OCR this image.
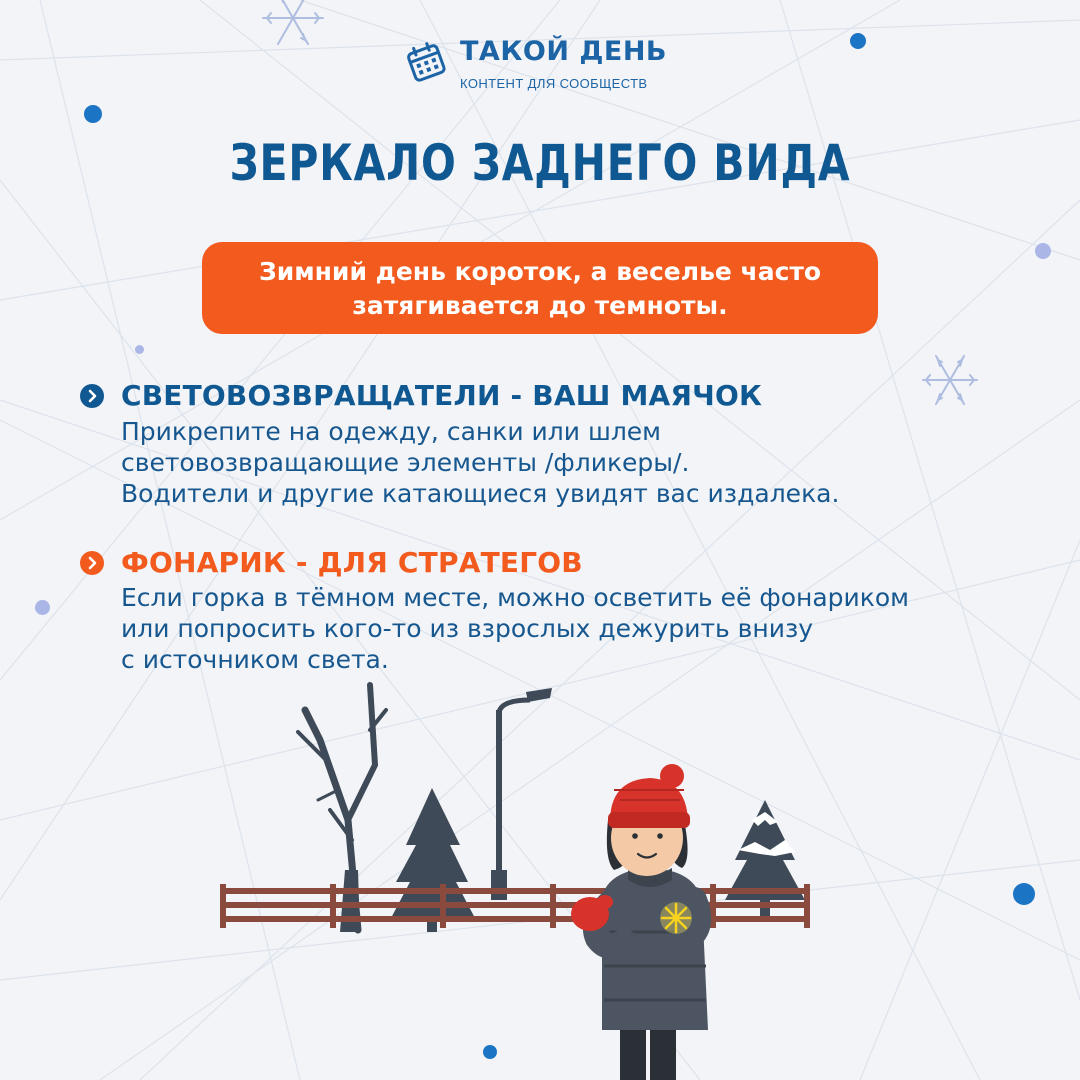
ТАКОЙ ДЕНЬ
КОНТЕНТ ДЛЯ СООБЩЕСТВ
ЗЕРКАЛО ЗАДНЕГО ВИДА
Зимний день короток, а веселье часто
затягивается до темноты.
СВЕТОВОЗВРАЩАТЕЛИ - ВАШ МАЯЧОК
Прикрепите на одежду, санки или шлем
световозвращающие элементы /фликеры/.
Водители и другие катающиеся увидят вас издалека.
ФОНАРИК - ДЛЯ СТРАТЕГОВ
Если горка в тёмном месте, можно осветить её фонариком
или попросить кого-то из взрослых дежурить внизу
с источником света.
